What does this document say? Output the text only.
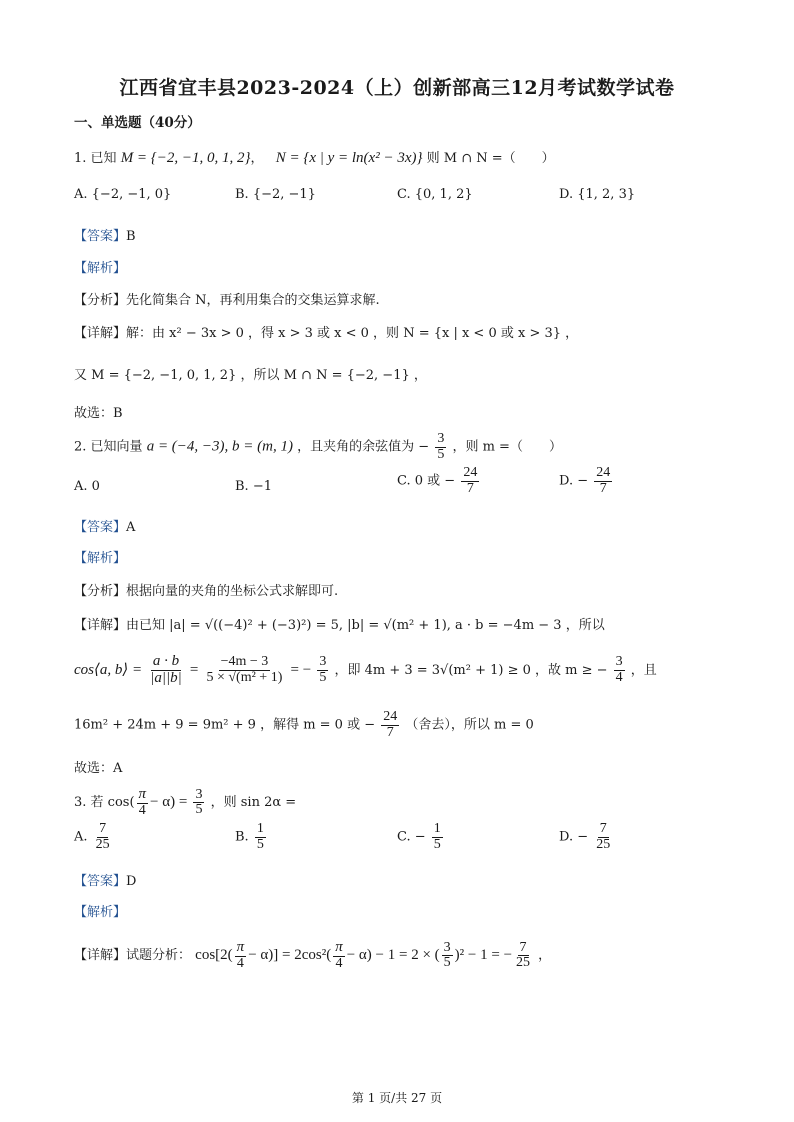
江西省宜丰县2023-2024（上）创新部高三12月考试数学试卷
一、单选题（40分）
1. 已知 M = {−2, −1, 0, 1, 2}， N = {x | y = ln(x² − 3x)} 则 M ∩ N =（　　）
A. {−2, −1, 0}	B. {−2, −1}	C. {0, 1, 2}	D. {1, 2, 3}
【答案】B
【解析】
【分析】先化简集合 N，再利用集合的交集运算求解.
【详解】解：由 x² − 3x > 0 ，得 x > 3 或 x < 0 ，则 N = {x | x < 0 或 x > 3} ，
又 M = {−2, −1, 0, 1, 2} ，所以 M ∩ N = {−2, −1} ，
故选：B
2. 已知向量 a = (−4, −3), b = (m, 1) ，且夹角的余弦值为 − $\frac{3}{5}$ ，则 m =（　　）
A. 0	B. −1	C. 0 或 − $\frac{24}{7}$	D. − $\frac{24}{7}$
【答案】A
【解析】
【分析】根据向量的夹角的坐标公式求解即可.
【详解】由已知 |a| = √((−4)² + (−3)²) = 5, |b| = √(m² + 1), a · b = −4m − 3 ，所以
cos⟨a, b⟩ = $\frac{a \cdot b}{|a||b|} = \frac{-4m - 3}{\text{5 × √(m² + 1)}}$ = − $\frac{3}{5}$ ，即 4m + 3 = 3√(m² + 1) ≥ 0 ，故 m ≥ − $\frac{3}{4}$ ，且
16m² + 24m + 9 = 9m² + 9 ，解得 m = 0 或 − $\frac{24}{7}$ （舍去），所以 m = 0
故选：A
3. 若 $\cos( \frac{\pi}{4} - \alpha) = \frac{3}{5}$ ，则 sin 2α =
A. $\frac{7}{25}$	B. $\frac{1}{5}$	C. − $\frac{1}{5}$	D. − $\frac{7}{25}$
【答案】D
【解析】
【详解】试题分析： $\cos[2( \frac{\pi}{4} - \alpha)] = 2\cos^2( \frac{\pi}{4} - \alpha) - 1 = 2$ × ( $\frac{3}{5} )^2 - 1$ = − $\frac{7}{25}$ ，
第 1 页/共 27 页
